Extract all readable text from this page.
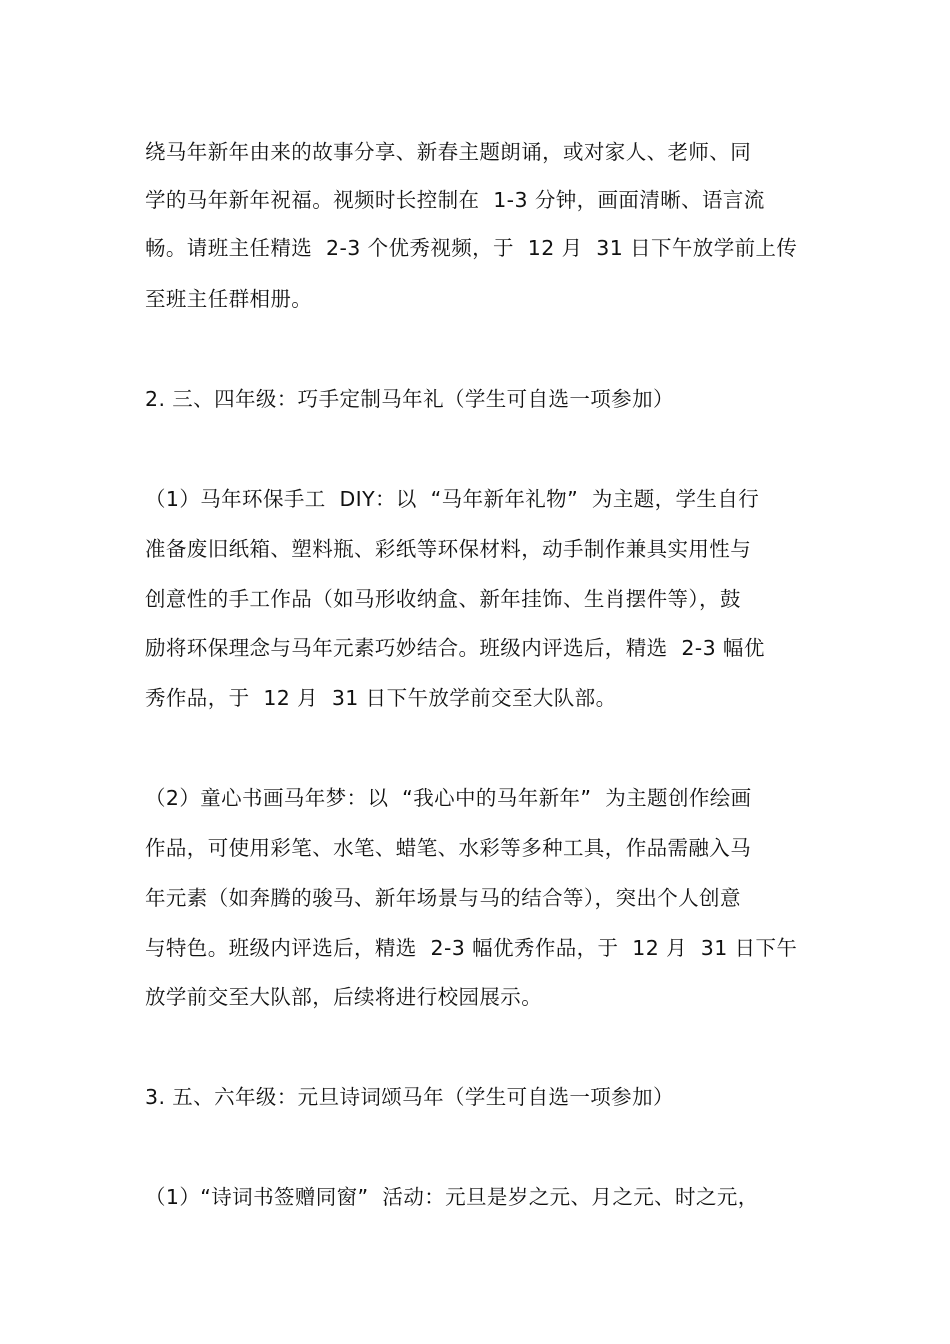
绕马年新年由来的故事分享、新春主题朗诵，或对家人、老师、同
学的马年新年祝福。视频时长控制在  1-3 分钟，画面清晰、语言流
畅。请班主任精选  2-3 个优秀视频，于  12 月  31 日下午放学前上传
至班主任群相册。
2. 三、四年级：巧手定制马年礼（学生可自选一项参加）
（1）马年环保手工  DIY：以  “马年新年礼物”  为主题，学生自行
准备废旧纸箱、塑料瓶、彩纸等环保材料，动手制作兼具实用性与
创意性的手工作品（如马形收纳盒、新年挂饰、生肖摆件等），鼓
励将环保理念与马年元素巧妙结合。班级内评选后，精选  2-3 幅优
秀作品，于  12 月  31 日下午放学前交至大队部。
（2）童心书画马年梦：以  “我心中的马年新年”  为主题创作绘画
作品，可使用彩笔、水笔、蜡笔、水彩等多种工具，作品需融入马
年元素（如奔腾的骏马、新年场景与马的结合等），突出个人创意
与特色。班级内评选后，精选  2-3 幅优秀作品，于  12 月  31 日下午
放学前交至大队部，后续将进行校园展示。
3. 五、六年级：元旦诗词颂马年（学生可自选一项参加）
（1）“诗词书签赠同窗”  活动：元旦是岁之元、月之元、时之元，
